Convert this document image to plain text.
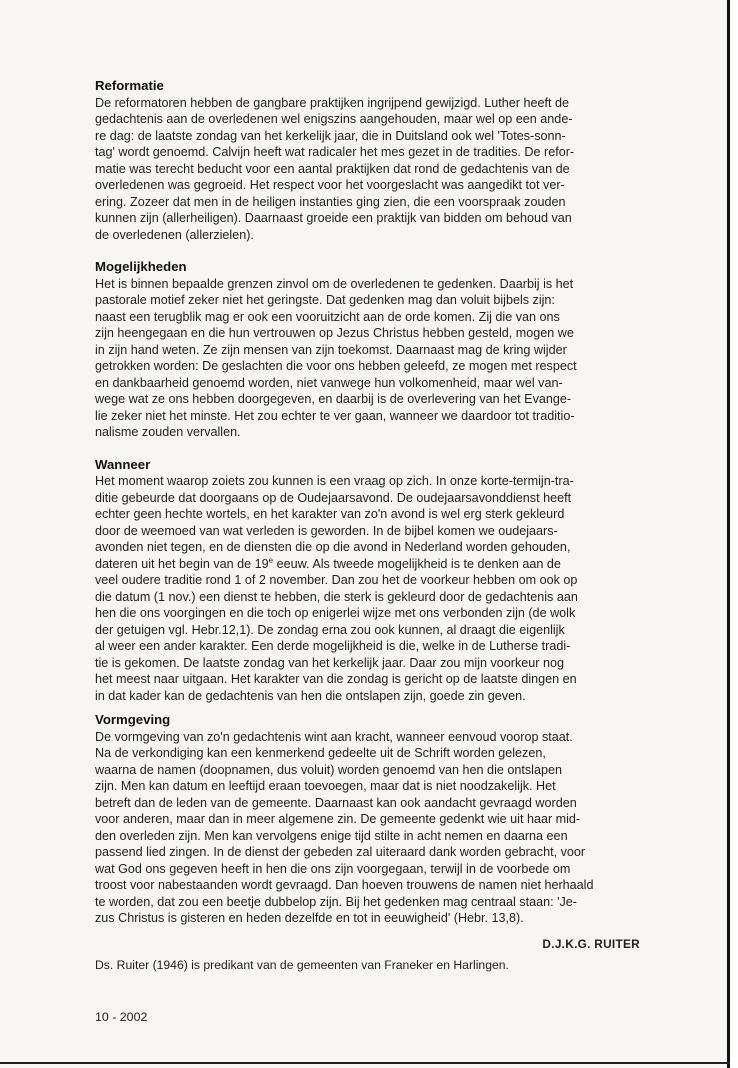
Reformatie
De reformatoren hebben de gangbare praktijken ingrijpend gewijzigd. Luther heeft de
gedachtenis aan de overledenen wel enigszins aangehouden, maar wel op een ande-
re dag: de laatste zondag van het kerkelijk jaar, die in Duitsland ook wel 'Totes-sonn-
tag' wordt genoemd. Calvijn heeft wat radicaler het mes gezet in de tradities. De refor-
matie was terecht beducht voor een aantal praktijken dat rond de gedachtenis van de
overledenen was gegroeid. Het respect voor het voorgeslacht was aangedikt tot ver-
ering. Zozeer dat men in de heiligen instanties ging zien, die een voorspraak zouden
kunnen zijn (allerheiligen). Daarnaast groeide een praktijk van bidden om behoud van
de overledenen (allerzielen).
Mogelijkheden
Het is binnen bepaalde grenzen zinvol om de overledenen te gedenken. Daarbij is het
pastorale motief zeker niet het geringste. Dat gedenken mag dan voluit bijbels zijn:
naast een terugblik mag er ook een vooruitzicht aan de orde komen. Zij die van ons
zijn heengegaan en die hun vertrouwen op Jezus Christus hebben gesteld, mogen we
in zijn hand weten. Ze zijn mensen van zijn toekomst. Daarnaast mag de kring wijder
getrokken worden: De geslachten die voor ons hebben geleefd, ze mogen met respect
en dankbaarheid genoemd worden, niet vanwege hun volkomenheid, maar wel van-
wege wat ze ons hebben doorgegeven, en daarbij is de overlevering van het Evange-
lie zeker niet het minste. Het zou echter te ver gaan, wanneer we daardoor tot traditio-
nalisme zouden vervallen.
Wanneer
Het moment waarop zoiets zou kunnen is een vraag op zich. In onze korte-termijn-tra-
ditie gebeurde dat doorgaans op de Oudejaarsavond. De oudejaarsavonddienst heeft
echter geen hechte wortels, en het karakter van zo'n avond is wel erg sterk gekleurd
door de weemoed van wat verleden is geworden. In de bijbel komen we oudejaars-
avonden niet tegen, en de diensten die op die avond in Nederland worden gehouden,
dateren uit het begin van de 19e eeuw. Als tweede mogelijkheid is te denken aan de
veel oudere traditie rond 1 of 2 november. Dan zou het de voorkeur hebben om ook op
die datum (1 nov.) een dienst te hebben, die sterk is gekleurd door de gedachtenis aan
hen die ons voorgingen en die toch op enigerlei wijze met ons verbonden zijn (de wolk
der getuigen vgl. Hebr.12,1). De zondag erna zou ook kunnen, al draagt die eigenlijk
al weer een ander karakter. Een derde mogelijkheid is die, welke in de Lutherse tradi-
tie is gekomen. De laatste zondag van het kerkelijk jaar. Daar zou mijn voorkeur nog
het meest naar uitgaan. Het karakter van die zondag is gericht op de laatste dingen en
in dat kader kan de gedachtenis van hen die ontslapen zijn, goede zin geven.
Vormgeving
De vormgeving van zo'n gedachtenis wint aan kracht, wanneer eenvoud voorop staat.
Na de verkondiging kan een kenmerkend gedeelte uit de Schrift worden gelezen,
waarna de namen (doopnamen, dus voluit) worden genoemd van hen die ontslapen
zijn. Men kan datum en leeftijd eraan toevoegen, maar dat is niet noodzakelijk. Het
betreft dan de leden van de gemeente. Daarnaast kan ook aandacht gevraagd worden
voor anderen, maar dan in meer algemene zin. De gemeente gedenkt wie uit haar mid-
den overleden zijn. Men kan vervolgens enige tijd stilte in acht nemen en daarna een
passend lied zingen. In de dienst der gebeden zal uiteraard dank worden gebracht, voor
wat God ons gegeven heeft in hen die ons zijn voorgegaan, terwijl in de voorbede om
troost voor nabestaanden wordt gevraagd. Dan hoeven trouwens de namen niet herhaald
te worden, dat zou een beetje dubbelop zijn. Bij het gedenken mag centraal staan: 'Je-
zus Christus is gisteren en heden dezelfde en tot in eeuwigheid' (Hebr. 13,8).
D.J.K.G. RUITER
Ds. Ruiter (1946) is predikant van de gemeenten van Franeker en Harlingen.
10 - 2002
